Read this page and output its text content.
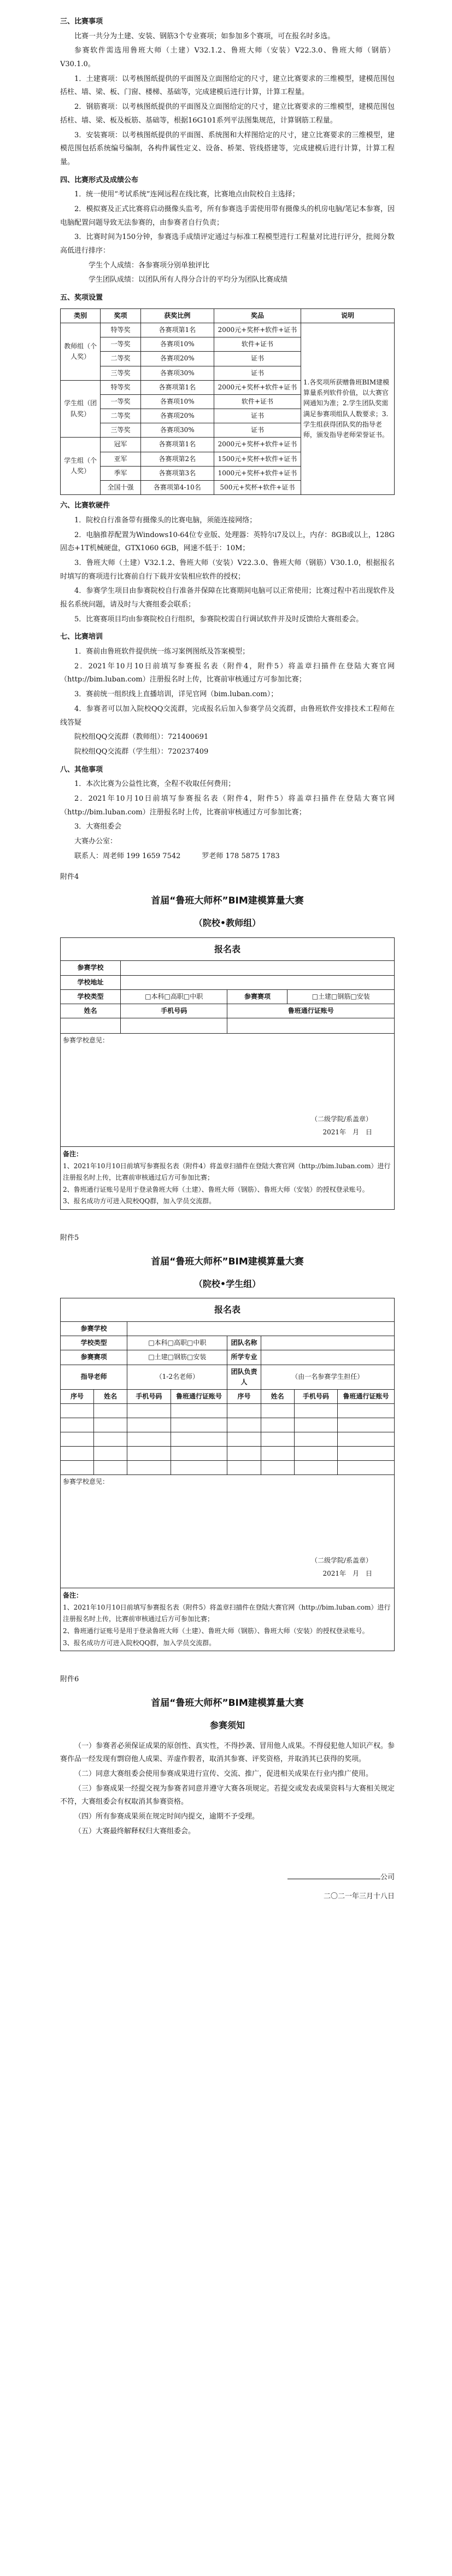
三、比赛事项
比赛一共分为土建、安装、钢筋3个专业赛项；如参加多个赛项，可在报名时多选。
参赛软件需选用鲁班大师（土建）V32.1.2、鲁班大师（安装）V22.3.0、鲁班大师（钢筋）V30.1.0。
1．土建赛项：以考核图纸提供的平面图及立面图给定的尺寸，建立比赛要求的三维模型，建模范围包括柱、墙、梁、板、门窗、楼梯、基础等，完成建模后进行计算，计算工程量。
2．钢筋赛项：以考核图纸提供的平面图及立面图给定的尺寸，建立比赛要求的三维模型，建模范围包括柱、墙、梁、板及板筋、基础等，根据16G101系列平法图集规范，计算钢筋工程量。
3．安装赛项：以考核图纸提供的平面图、系统图和大样图给定的尺寸，建立比赛要求的三维模型，建模范围包括系统编号编制，各构件属性定义、设备、桥架、管线搭建等，完成建模后进行计算，计算工程量。
四、比赛形式及成绩公布
1．统一使用“考试系统”连网远程在线比赛，比赛地点由院校自主选择；
2．模拟赛及正式比赛将启动摄像头监考，所有参赛选手需使用带有摄像头的机房电脑/笔记本参赛，因电脑配置问题导致无法参赛的，由参赛者自行负责；
3．比赛时间为150分钟，参赛选手成绩评定通过与标准工程模型进行工程量对比进行评分，批阅分数高低进行排序：
学生个人成绩：各参赛项分别单独评比
学生团队成绩：以团队所有人得分合计的平均分为团队比赛成绩
五、奖项设置
类别	奖项	获奖比例	奖品	说明
教师组（个人奖）	特等奖	各赛项第1名	2000元+奖杯+软件+证书	1.各奖项所获赠鲁班BIM建模算量系列软件价值，以大赛官网通知为准；2.学生团队奖需满足参赛项组队人数要求；3.学生组获得团队奖的指导老师，颁发指导老师荣誉证书。
	一等奖	各赛项10%	软件+证书	
	二等奖	各赛项20%	证书	
	三等奖	各赛项30%	证书	
学生组（团队奖）	特等奖	各赛项第1名	2000元+奖杯+软件+证书	
	一等奖	各赛项10%	软件+证书	
	二等奖	各赛项20%	证书	
	三等奖	各赛项30%	证书	
学生组（个人奖）	冠军	各赛项第1名	2000元+奖杯+软件+证书	
	亚军	各赛项第2名	1500元+奖杯+软件+证书	
	季军	各赛项第3名	1000元+奖杯+软件+证书	
	全国十强	各赛项第4-10名	500元+奖杯+软件+证书	
六、比赛软硬件
1．院校自行准备带有摄像头的比赛电脑，须能连接网络；
2．电脑推荐配置为Windows10-64位专业版、处理器：英特尔i7及以上，内存：8GB或以上，128G固态+1T机械硬盘，GTX1060 6GB，网速不低于：10M；
3．鲁班大师（土建）V32.1.2、鲁班大师（安装）V22.3.0、鲁班大师（钢筋）V30.1.0，根据报名时填写的赛项进行比赛前自行下载并安装相应软件的授权；
4．参赛学生项目由参赛院校自行准备并保障在比赛期间电脑可以正常使用；比赛过程中若出现软件及报名系统问题，请及时与大赛组委会联系；
5．比赛赛项目均由参赛院校自行组织，参赛院校需自行调试软件并及时反馈给大赛组委会。
七、比赛培训
1．赛前由鲁班软件提供统一练习案例图纸及答案模型；
2．2021年10月10日前填写参赛报名表（附件4，附件5）将盖章扫描件在登陆大赛官网（http://bim.luban.com）注册报名时上传，比赛前审核通过方可参加比赛；
3．赛前统一组织线上直播培训，详见官网（bim.luban.com）；
4．参赛者可以加入院校QQ交流群，完成报名后加入参赛学员交流群，由鲁班软件安排技术工程师在线答疑
院校组QQ交流群（教师组）：721400691
院校组QQ交流群（学生组）：720237409
八、其他事项
1．本次比赛为公益性比赛，全程不收取任何费用；
2．2021年10月10日前填写参赛报名表（附件4，附件5）将盖章扫描件在登陆大赛官网（http://bim.luban.com）注册报名时上传，比赛前审核通过方可参加比赛；
3．大赛组委会
大赛办公室：
联系人：周老师 199 1659 7542　　　罗老师 178 5875 1783
附件4
首届“鲁班大师杯”BIM建模算量大赛
（院校•教师组）
报名表			
参赛学校			
学校地址			
学校类型	□本科□高职□中职	参赛赛项	□土建□钢筋□安装
姓名	手机号码	鲁班通行证账号	

参赛学校意见：
（二级学院/系盖章）
2021年　月　日			

备注：
1、2021年10月10日前填写参赛报名表（附件4）将盖章扫描件在登陆大赛官网（http://bim.luban.com）进行注册报名时上传，比赛前审核通过后方可参加比赛；
2、鲁班通行证账号是用于登录鲁班大师（土建）、鲁班大师（钢筋）、鲁班大师（安装）的授权登录账号。
3、报名成功方可进入院校QQ群，加入学员交流群。			
附件5
首届“鲁班大师杯”BIM建模算量大赛
（院校•学生组）
报名表							
参赛学校							
学校类型		□本科□高职□中职		团队名称			
参赛赛项		□土建□钢筋□安装		所学专业			
指导老师		（1-2名老师）		团队负责人	（由一名参赛学生担任）		
序号	姓名	手机号码	鲁班通行证账号	序号	姓名	手机号码	鲁班通行证账号

参赛学校意见：
（二级学院/系盖章）
2021年　月　日							

备注：
1、2021年10月10日前填写参赛报名表（附件5）将盖章扫描件在登陆大赛官网（http://bim.luban.com）进行注册报名时上传，比赛前审核通过后方可参加比赛；
2、鲁班通行证账号是用于登录鲁班大师（土建）、鲁班大师（钢筋）、鲁班大师（安装）的授权登录账号。
3、报名成功方可进入院校QQ群，加入学员交流群。							
附件6
首届“鲁班大师杯”BIM建模算量大赛
参赛须知
（一）参赛者必须保证成果的原创性、真实性，不得抄袭、冒用他人成果。不得侵犯他人知识产权。参赛作品一经发现有剽窃他人成果、弄虚作假者，取消其参赛、评奖资格，并取消其已获得的奖项。
（二）同意大赛组委会使用参赛成果进行宣传、交流、推广，促进相关成果在行业内推广使用。
（三）参赛成果一经提交视为参赛者同意并遵守大赛各项规定。若提交或发表成果资料与大赛相关规定不符，大赛组委会有权取消其参赛资格。
（四）所有参赛成果须在规定时间内提交，逾期不予受理。
（五）大赛最终解释权归大赛组委会。
公司
二〇二一年三月十八日
